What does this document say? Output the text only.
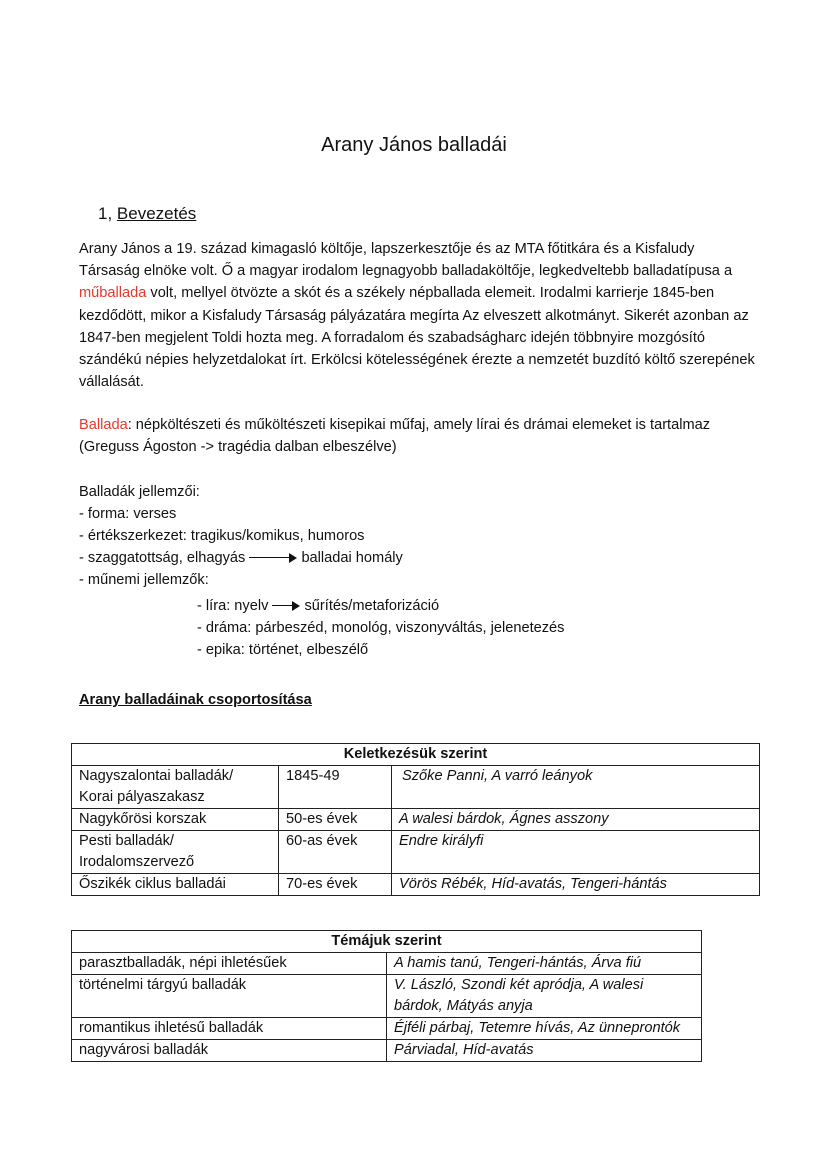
Arany János balladái
1, Bevezetés
Arany János a 19. század kimagasló költője, lapszerkesztője és az MTA főtitkára és a Kisfaludy Társaság elnöke volt. Ő a magyar irodalom legnagyobb balladaköltője, legkedveltebb balladatípusa a műballada volt, mellyel ötvözte a skót és a székely népballada elemeit. Irodalmi karrierje 1845-ben kezdődött, mikor a Kisfaludy Társaság pályázatára megírta Az elveszett alkotmányt. Sikerét azonban az 1847-ben megjelent Toldi hozta meg. A forradalom és szabadságharc idején többnyire mozgósító szándékú népies helyzetdalokat írt. Erkölcsi kötelességének érezte a nemzetét buzdító költő szerepének vállalását.
Ballada: népköltészeti és műköltészeti kisepikai műfaj, amely lírai és drámai elemeket is tartalmaz (Greguss Ágoston -> tragédia dalban elbeszélve)
Balladák jellemzői:
- forma: verses
- értékszerkezet: tragikus/komikus, humoros
- szaggatottság, elhagyás	balladai homály
- műnemi jellemzők:
- líra: nyelv sűrítés/metaforizáció
- dráma: párbeszéd, monológ, viszonyváltás, jelenetezés
- epika: történet, elbeszélő
Arany balladáinak csoportosítása
Keletkezésük szerint		

Nagyszalontai balladák/
Korai pályaszakasz	1845-49	Szőke Panni, A varró leányok
Nagykőrösi korszak	50-es évek	A walesi bárdok, Ágnes asszony

Pesti balladák/
Irodalomszervező	60-as évek	Endre királyfi
Őszikék ciklus balladái	70-es évek	Vörös Rébék, Híd-avatás, Tengeri-hántás
Témájuk szerint	
parasztballadák, népi ihletésűek	A hamis tanú, Tengeri-hántás, Árva fiú
történelmi tárgyú balladák	V. László, Szondi két apródja, A walesi
bárdok, Mátyás anyja

romantikus ihletésű balladák	Éjféli párbaj, Tetemre hívás, Az ünneprontók
nagyvárosi balladák	Párviadal, Híd-avatás
